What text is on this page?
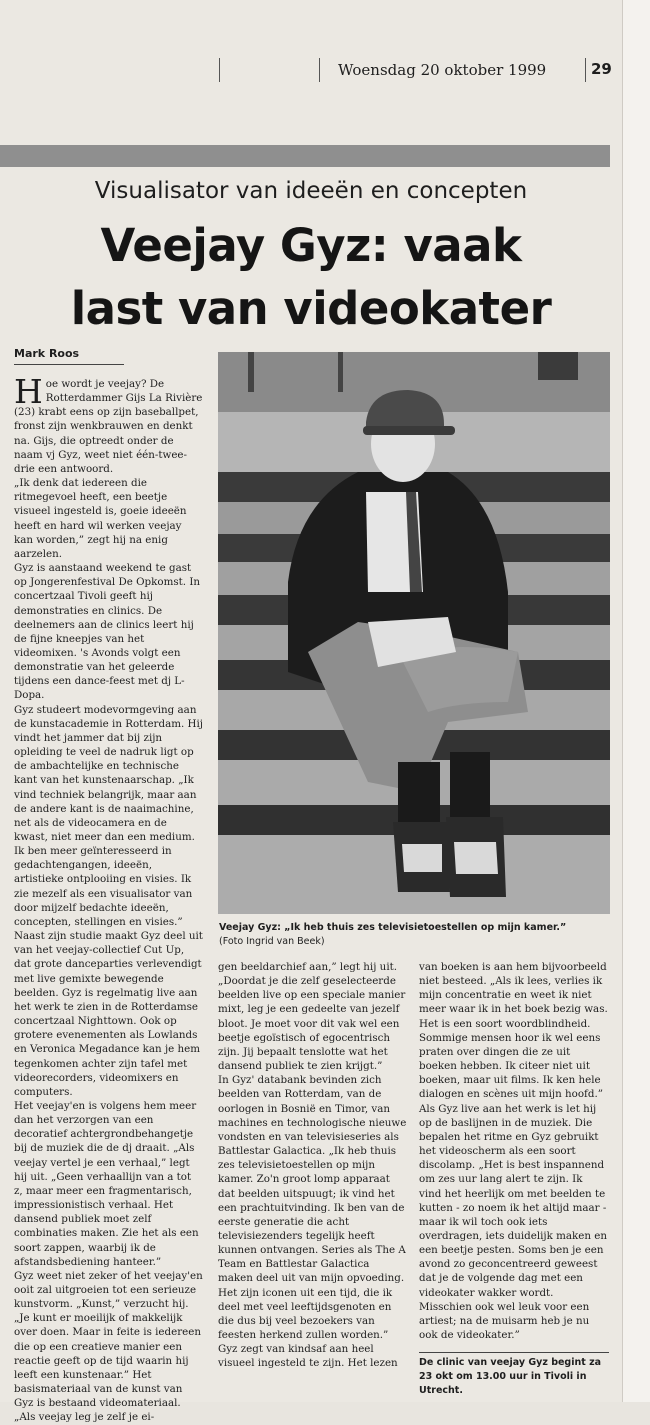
Woensdag 20 oktober 1999	29
Visualisator van ideeën en concepten
Veejay Gyz: vaak
last van videokater
Mark Roos
Veejay Gyz: „Ik heb thuis zes televisietoestellen op mijn kamer.”
(Foto Ingrid van Beek)

Hoe wordt je veejay? De Rotterdammer Gijs La Rivière (23) krabt eens op zijn baseballpet, fronst zijn wenkbrauwen en denkt na. Gijs, die optreedt onder de naam vj Gyz, weet niet één-twee-drie een antwoord.

„Ik denk dat iedereen die ritmegevoel heeft, een beetje visueel ingesteld is, goeie ideeën heeft en hard wil werken veejay kan worden,” zegt hij na enig aarzelen.

Gyz is aanstaand weekend te gast op Jongerenfestival De Opkomst. In concertzaal Tivoli geeft hij demonstraties en clinics. De deelnemers aan de clinics leert hij de fijne kneepjes van het videomixen. 's Avonds volgt een demonstratie van het geleerde tijdens een dance-feest met dj L-Dopa.

Gyz studeert modevormgeving aan de kunstacademie in Rotterdam. Hij vindt het jammer dat bij zijn opleiding te veel de nadruk ligt op de ambachtelijke en technische kant van het kunstenaarschap. „Ik vind techniek belangrijk, maar aan de andere kant is de naaimachine, net als de videocamera en de kwast, niet meer dan een medium. Ik ben meer geïnteresseerd in gedachtengangen, ideeën, artistieke ontplooiing en visies. Ik zie mezelf als een visualisator van door mijzelf bedachte ideeën, concepten, stellingen en visies.”

Naast zijn studie maakt Gyz deel uit van het veejay-collectief Cut Up, dat grote danceparties verlevendigt met live gemixte bewegende beelden. Gyz is regelmatig live aan het werk te zien in de Rotterdamse concertzaal Nighttown. Ook op grotere evenementen als Lowlands en Veronica Megadance kan je hem tegenkomen achter zijn tafel met videorecorders, videomixers en computers.

Het veejay'en is volgens hem meer dan het verzorgen van een decoratief achtergrondbehangetje bij de muziek die de dj draait. „Als veejay vertel je een verhaal,” legt hij uit. „Geen verhaallijn van a tot z, maar meer een fragmentarisch, impressionistisch verhaal. Het dansend publiek moet zelf combinaties maken. Zie het als een soort zappen, waarbij ik de afstandsbediening hanteer.”

Gyz weet niet zeker of het veejay'en ooit zal uitgroeien tot een serieuze kunstvorm. „Kunst,” verzucht hij. „Je kunt er moeilijk of makkelijk over doen. Maar in feite is iedereen die op een creatieve manier een reactie geeft op de tijd waarin hij leeft een kunstenaar.” Het basismateriaal van de kunst van Gyz is bestaand videomateriaal. „Als veejay leg je zelf je ei-

gen beeldarchief aan,” legt hij uit. „Doordat je die zelf geselecteerde beelden live op een speciale manier mixt, leg je een gedeelte van jezelf bloot. Je moet voor dit vak wel een beetje egoïstisch of egocentrisch zijn. Jij bepaalt tenslotte wat het dansend publiek te zien krijgt.”

In Gyz' databank bevinden zich beelden van Rotterdam, van de oorlogen in Bosnië en Timor, van machines en technologische nieuwe vondsten en van televisieseries als Battlestar Galactica. „Ik heb thuis zes televisietoestellen op mijn kamer. Zo'n groot lomp apparaat dat beelden uitspuugt; ik vind het een prachtuitvinding. Ik ben van de eerste generatie die acht televisiezenders tegelijk heeft kunnen ontvangen. Series als The A Team en Battlestar Galactica maken deel uit van mijn opvoeding. Het zijn iconen uit een tijd, die ik deel met veel leeftijdsgenoten en die dus bij veel bezoekers van feesten herkend zullen worden.”

Gyz zegt van kindsaf aan heel visueel ingesteld te zijn. Het lezen

van boeken is aan hem bijvoorbeeld niet besteed. „Als ik lees, verlies ik mijn concentratie en weet ik niet meer waar ik in het boek bezig was. Het is een soort woordblindheid. Sommige mensen hoor ik wel eens praten over dingen die ze uit boeken hebben. Ik citeer niet uit boeken, maar uit films. Ik ken hele dialogen en scènes uit mijn hoofd.”

Als Gyz live aan het werk is let hij op de baslijnen in de muziek. Die bepalen het ritme en Gyz gebruikt het videoscherm als een soort discolamp. „Het is best inspannend om zes uur lang alert te zijn. Ik vind het heerlijk om met beelden te kutten - zo noem ik het altijd maar - maar ik wil toch ook iets overdragen, iets duidelijk maken en een beetje pesten. Soms ben je een avond zo geconcentreerd geweest dat je de volgende dag met een videokater wakker wordt. Misschien ook wel leuk voor een artiest; na de muisarm heb je nu ook de videokater.”

De clinic van veejay Gyz begint za 23 okt om 13.00 uur in Tivoli in Utrecht.
